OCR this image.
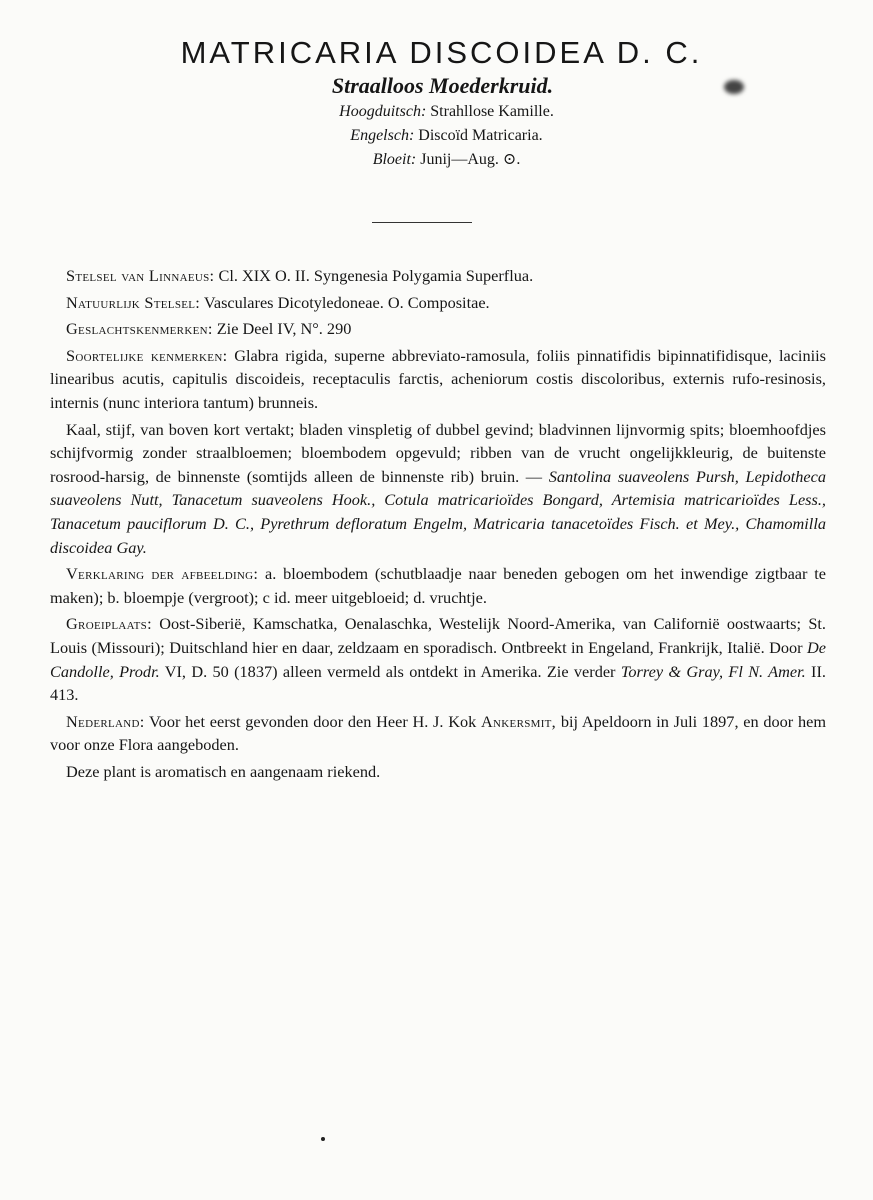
MATRICARIA DISCOIDEA D. C.
Straalloos Moederkruid.
Hoogduitsch: Strahllose Kamille.
Engelsch: Discoïd Matricaria.
Bloeit: Junij—Aug. ⊙.

Stelsel van Linnaeus: Cl. XIX O. II. Syngenesia Polygamia Superflua.

Natuurlijk Stelsel: Vasculares Dicotyledoneae. O. Compositae.

Geslachtskenmerken: Zie Deel IV, N°. 290

Soortelijke kenmerken: Glabra rigida, superne abbreviato-ramosula, foliis pinnatifidis bipinnatifidisque, laciniis linearibus acutis, capitulis discoideis, receptaculis farctis, acheniorum costis discoloribus, externis rufo-resinosis, internis (nunc interiora tantum) brunneis.

Kaal, stijf, van boven kort vertakt; bladen vinspletig of dubbel gevind; bladvinnen lijnvormig spits; bloemhoofdjes schijfvormig zonder straalbloemen; bloembodem opgevuld; ribben van de vrucht ongelijkkleurig, de buitenste rosrood-harsig, de binnenste (somtijds alleen de binnenste rib) bruin. — Santolina suaveolens Pursh, Lepidotheca suaveolens Nutt, Tanacetum suaveolens Hook., Cotula matricarioïdes Bongard, Artemisia matricarioïdes Less., Tanacetum pauciflorum D. C., Pyrethrum defloratum Engelm, Matricaria tanacetoïdes Fisch. et Mey., Chamomilla discoidea Gay.

Verklaring der afbeelding: a. bloembodem (schutblaadje naar beneden gebogen om het inwendige zigtbaar te maken); b. bloempje (vergroot); c id. meer uitgebloeid; d. vruchtje.

Groeiplaats: Oost-Siberië, Kamschatka, Oenalaschka, Westelijk Noord-Amerika, van Californië oostwaarts; St. Louis (Missouri); Duitschland hier en daar, zeldzaam en sporadisch. Ontbreekt in Engeland, Frankrijk, Italië. Door De Candolle, Prodr. VI, D. 50 (1837) alleen vermeld als ontdekt in Amerika. Zie verder Torrey & Gray, Fl N. Amer. II. 413.

Nederland: Voor het eerst gevonden door den Heer H. J. Kok Ankersmit, bij Apeldoorn in Juli 1897, en door hem voor onze Flora aangeboden.

Deze plant is aromatisch en aangenaam riekend.
